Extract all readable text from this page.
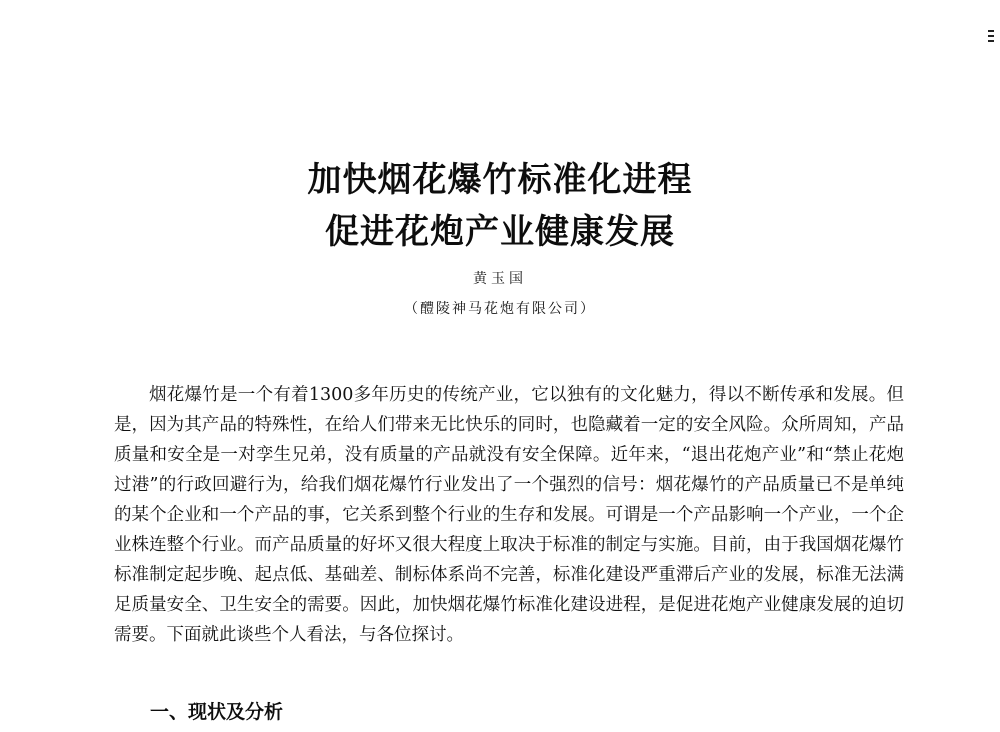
加快烟花爆竹标准化进程
促进花炮产业健康发展
黄玉国
（醴陵神马花炮有限公司）

烟花爆竹是一个有着1300多年历史的传统产业，它以独有的文化魅力，得以不断传承和发展。但是，因为其产品的特殊性，在给人们带来无比快乐的同时，也隐藏着一定的安全风险。众所周知，产品质量和安全是一对孪生兄弟，没有质量的产品就没有安全保障。近年来，“退出花炮产业”和“禁止花炮过港”的行政回避行为，给我们烟花爆竹行业发出了一个强烈的信号：烟花爆竹的产品质量已不是单纯的某个企业和一个产品的事，它关系到整个行业的生存和发展。可谓是一个产品影响一个产业，一个企业株连整个行业。而产品质量的好坏又很大程度上取决于标准的制定与实施。目前，由于我国烟花爆竹标准制定起步晚、起点低、基础差、制标体系尚不完善，标准化建设严重滞后产业的发展，标准无法满足质量安全、卫生安全的需要。因此，加快烟花爆竹标准化建设进程，是促进花炮产业健康发展的迫切需要。下面就此谈些个人看法，与各位探讨。

一、现状及分析
